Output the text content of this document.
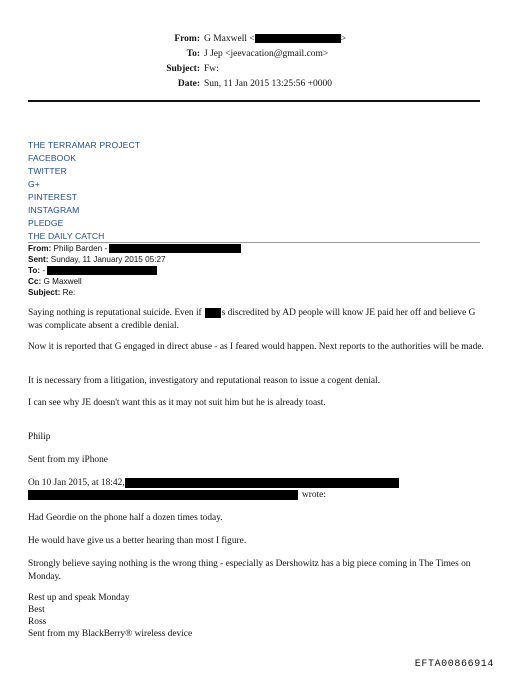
From: G Maxwell <	>
To: J Jep <jeevacation@gmail.com>
Subject: Fw:
Date: Sun, 11 Jan 2015 13:25:56 +0000
THE TERRAMAR PROJECT
FACEBOOK
TWITTER
G+
PINTEREST
INSTAGRAM
PLEDGE
THE DAILY CATCH
From: Philip Barden -
Sent: Sunday, 11 January 2015 05:27
To: -
Cc: G Maxwell
Subject: Re:
Saying nothing is reputational suicide. Even if s discredited by AD people will know JE paid her off and believe G was complicate absent a credible denial.
Now it is reported that G engaged in direct abuse - as I feared would happen. Next reports to the authorities will be made.
It is necessary from a litigation, investigatory and reputational reason to issue a cogent denial.
I can see why JE doesn't want this as it may not suit him but he is already toast.
Philip
Sent from my iPhone
On 10 Jan 2015, at 18:42,
wrote:
Had Geordie on the phone half a dozen times today.
He would have give us a better hearing than most I figure.
Strongly believe saying nothing is the wrong thing - especially as Dershowitz has a big piece coming in The Times on Monday.
Rest up and speak Monday
Best
Ross
Sent from my BlackBerry® wireless device
EFTA00866914
